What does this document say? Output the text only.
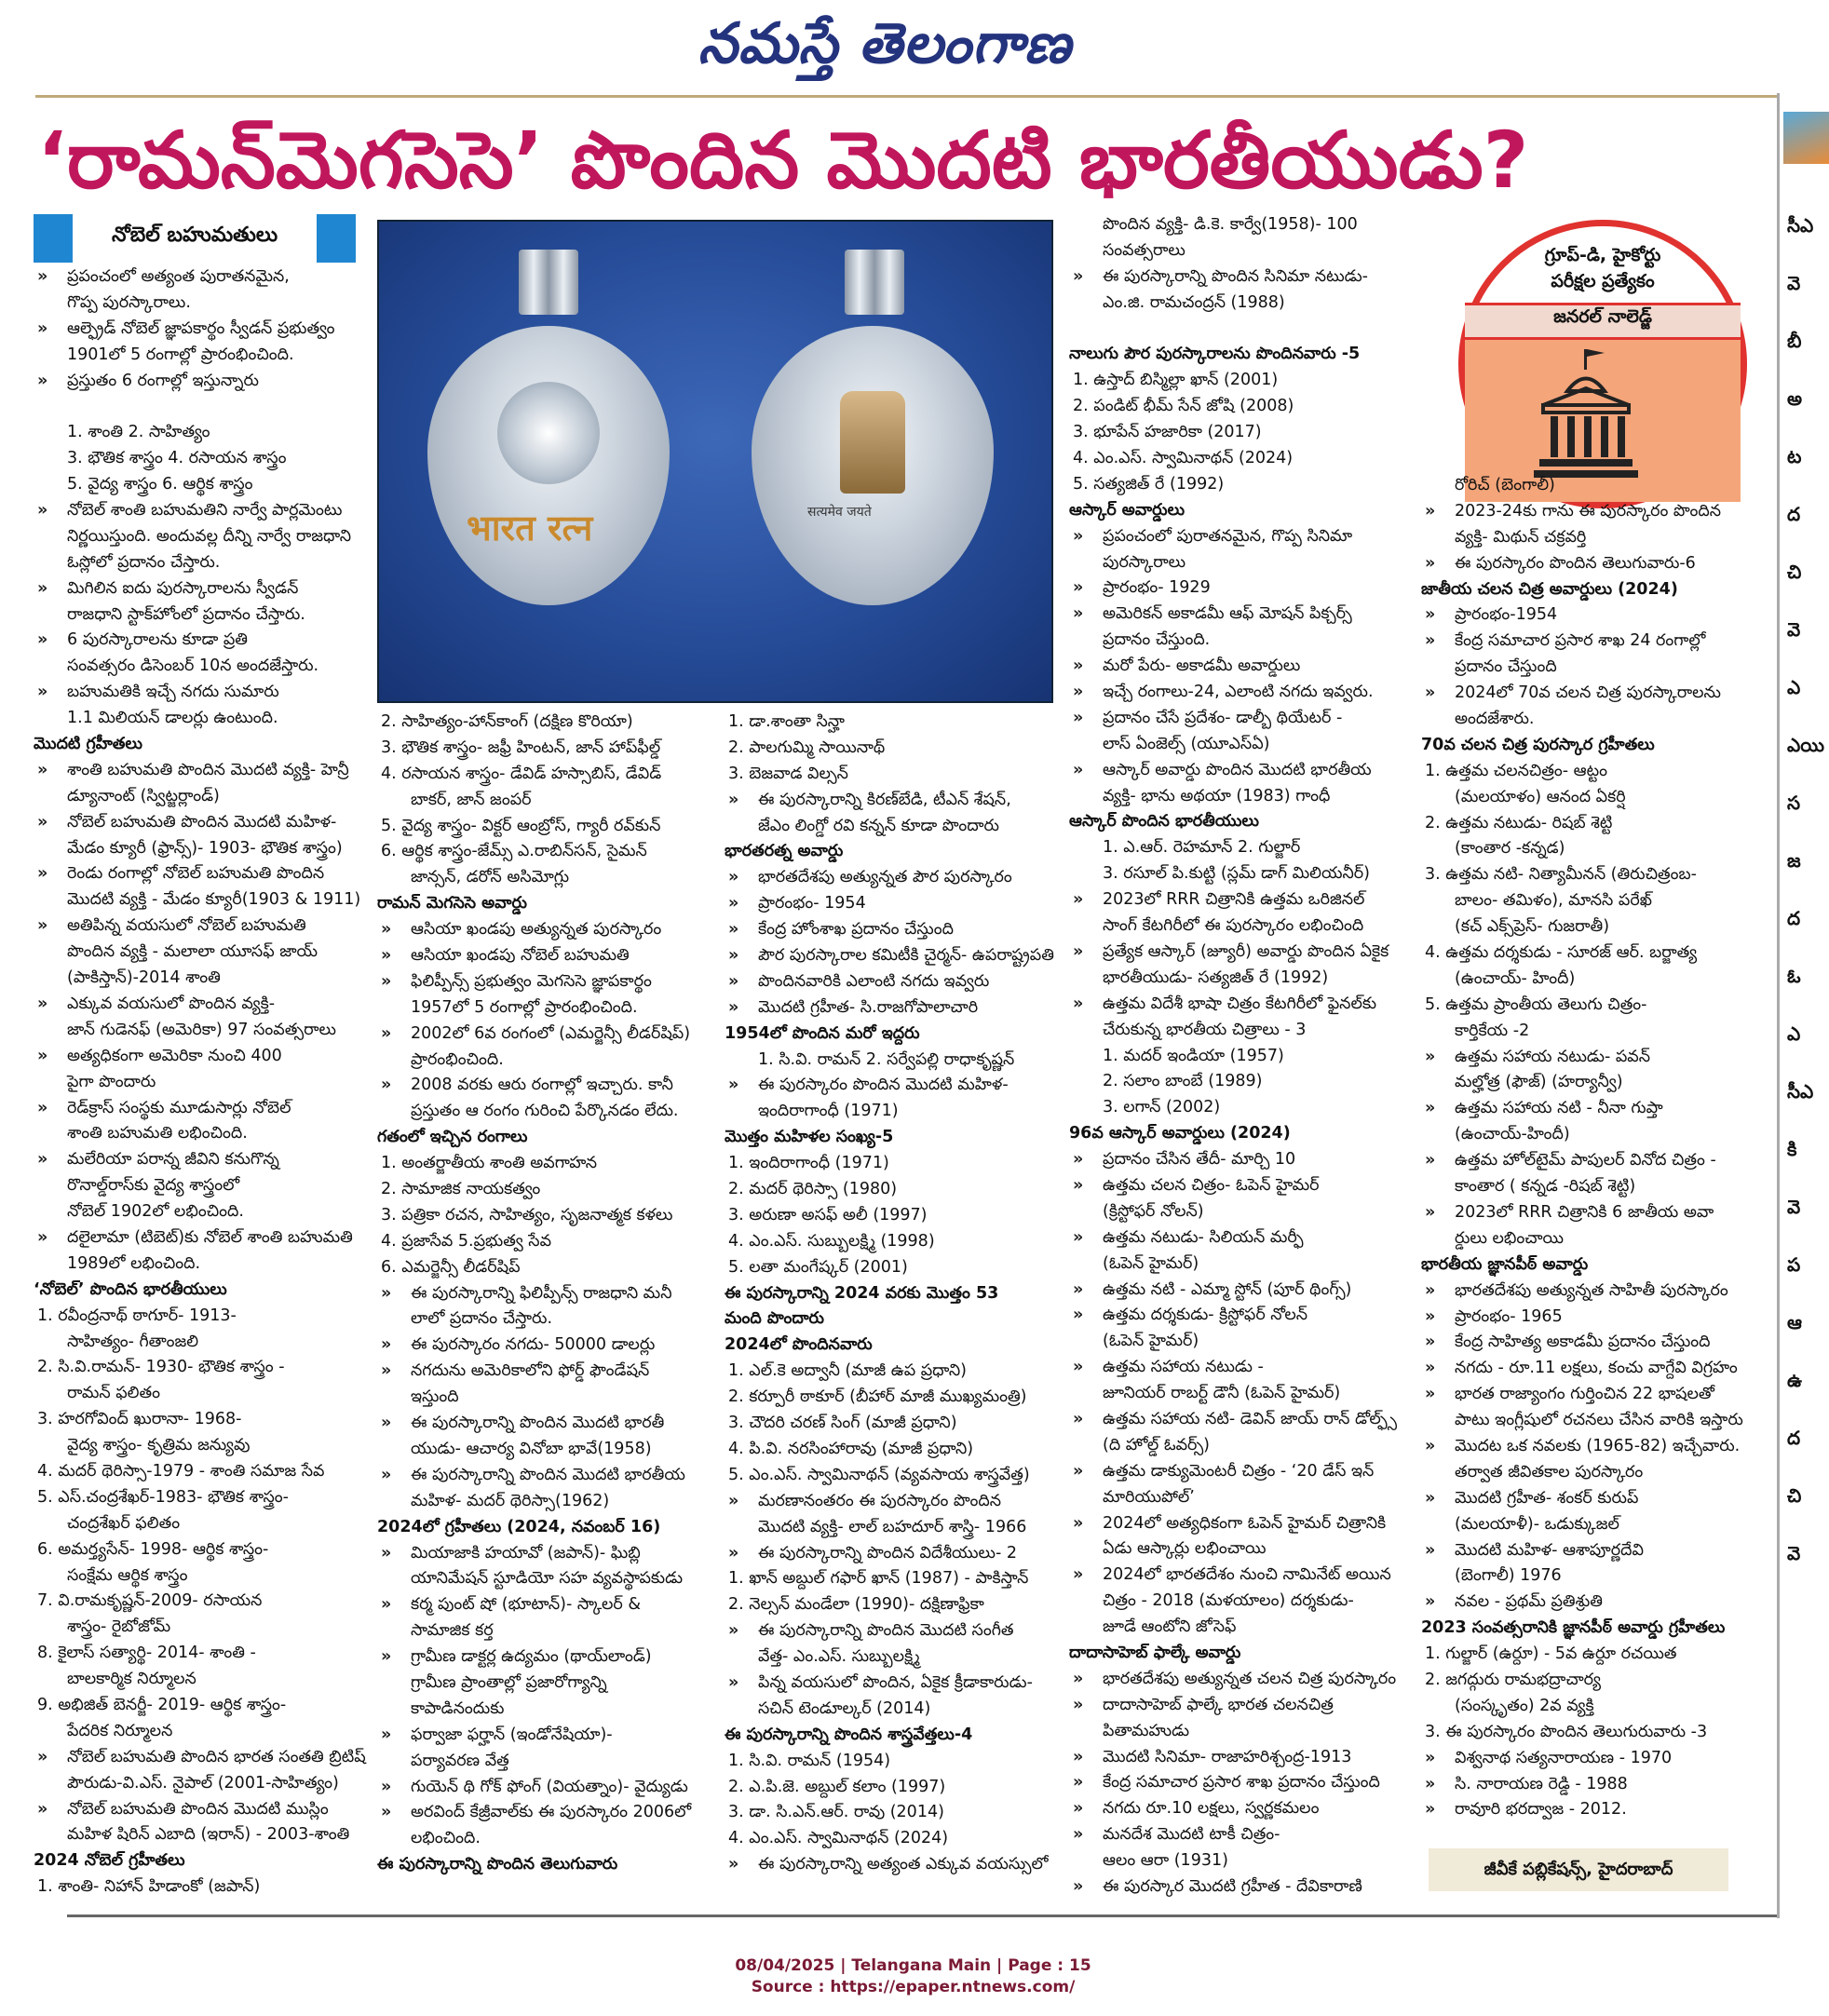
నమస్తే తెలంగాణ
‘రామన్‌మెగసెసె’ పొందిన మొదటి భారతీయుడు?
» ప్రపంచంలో అత్యంత పురాతనమైన,
గొప్ప పురస్కారాలు.
» ఆల్ఫ్రెడ్ నోబెల్ జ్ఞాపకార్థం స్వీడన్ ప్రభుత్వం
1901లో 5 రంగాల్లో ప్రారంభించింది.
» ప్రస్తుతం 6 రంగాల్లో ఇస్తున్నారు
1. శాంతి 2. సాహిత్యం
3. భౌతిక శాస్త్రం 4. రసాయన శాస్త్రం
5. వైద్య శాస్త్రం 6. ఆర్థిక శాస్త్రం
» నోబెల్ శాంతి బహుమతిని నార్వే పార్లమెంటు
నిర్ణయిస్తుంది. అందువల్ల దీన్ని నార్వే రాజధాని
ఓస్లోలో ప్రదానం చేస్తారు.
» మిగిలిన ఐదు పురస్కారాలను స్వీడన్
రాజధాని స్టాక్‌హోంలో ప్రదానం చేస్తారు.
» 6 పురస్కారాలను కూడా ప్రతి
సంవత్సరం డిసెంబర్ 10న అందజేస్తారు.
» బహుమతికి ఇచ్చే నగదు సుమారు
1.1 మిలియన్ డాలర్లు ఉంటుంది.
మొదటి గ్రహీతలు
» శాంతి బహుమతి పొందిన మొదటి వ్యక్తి- హెన్రీ
డ్యూనాంట్ (స్విట్జర్లాండ్)
» నోబెల్ బహుమతి పొందిన మొదటి మహిళ-
మేడం క్యూరీ (ఫ్రాన్స్)- 1903- భౌతిక శాస్త్రం)
» రెండు రంగాల్లో నోబెల్ బహుమతి పొందిన
మొదటి వ్యక్తి - మేడం క్యూరీ(1903 & 1911)
» అతిపిన్న వయసులో నోబెల్ బహుమతి
పొందిన వ్యక్తి - మలాలా యూసఫ్ జాయ్
(పాకిస్తాన్)-2014 శాంతి
» ఎక్కువ వయసులో పొందిన వ్యక్తి-
జాన్ గుడెనఫ్ (అమెరికా) 97 సంవత్సరాలు
» అత్యధికంగా అమెరికా నుంచి 400
పైగా పొందారు
» రెడ్‌క్రాస్ సంస్థకు మూడుసార్లు నోబెల్
శాంతి బహుమతి లభించింది.
» మలేరియా పరాన్న జీవిని కనుగొన్న
రొనాల్డ్‌రాస్‌కు వైద్య శాస్త్రంలో
నోబెల్ 1902లో లభించింది.
» దలైలామా (టిబెట్)కు నోబెల్ శాంతి బహుమతి
1989లో లభించింది.
‘నోబెల్’ పొందిన భారతీయులు
1. రవీంద్రనాథ్ ఠాగూర్- 1913-
సాహిత్యం- గీతాంజలి
2. సి.వి.రామన్- 1930- భౌతిక శాస్త్రం -
రామన్ ఫలితం
3. హరగోవింద్ ఖురానా- 1968-
వైద్య శాస్త్రం- కృత్రిమ జన్యువు
4. మదర్ థెరిస్సా-1979 - శాంతి సమాజ సేవ
5. ఎస్.చంద్రశేఖర్-1983- భౌతిక శాస్త్రం-
చంద్రశేఖర్ ఫలితం
6. అమర్త్యసేన్- 1998- ఆర్థిక శాస్త్రం-
సంక్షేమ ఆర్థిక శాస్త్రం
7. వి.రామకృష్ణన్-2009- రసాయన
శాస్త్రం- రైబోజోమ్
8. కైలాస్ సత్యార్థి- 2014- శాంతి -
బాలకార్మిక నిర్మూలన
9. అభిజిత్ బెనర్జీ- 2019- ఆర్థిక శాస్త్రం-
పేదరిక నిర్మూలన
» నోబెల్ బహుమతి పొందిన భారత సంతతి బ్రిటిష్
పౌరుడు-వి.ఎస్. నైపాల్ (2001-సాహిత్యం)
» నోబెల్ బహుమతి పొందిన మొదటి ముస్లిం
మహిళ షిరిన్ ఎబాది (ఇరాన్) - 2003-శాంతి
2024 నోబెల్ గ్రహీతలు
1. శాంతి- నిహాన్ హిడాంకో (జపాన్)
నోబెల్ బహుమతులు
भारत रत्न	सत्यमेव जयते
2. సాహిత్యం-హాన్‌కాంగ్ (దక్షిణ కొరియా)
3. భౌతిక శాస్త్రం- జఫ్రీ హింటన్, జాన్ హాప్‌ఫీల్డ్
4. రసాయన శాస్త్రం- డేవిడ్ హస్సాబిస్, డేవిడ్
బాకర్, జాన్ జంపర్
5. వైద్య శాస్త్రం- విక్టర్ ఆంబ్రోస్, గ్యారీ రవ్‌కున్
6. ఆర్థిక శాస్త్రం-జేమ్స్ ఎ.రాబిన్‌సన్, సైమన్
జాన్సన్, డరోన్ అసిమోగ్లు
రామన్ మెగసెసె అవార్డు
» ఆసియా ఖండపు అత్యున్నత పురస్కారం
» ఆసియా ఖండపు నోబెల్ బహుమతి
» ఫిలిప్పీన్స్ ప్రభుత్వం మెగసెసె జ్ఞాపకార్థం
1957లో 5 రంగాల్లో ప్రారంభించింది.
» 2002లో 6వ రంగంలో (ఎమర్జెన్సీ లీడర్‌షిప్)
ప్రారంభించింది.
» 2008 వరకు ఆరు రంగాల్లో ఇచ్చారు. కానీ
ప్రస్తుతం ఆ రంగం గురించి పేర్కొనడం లేదు.
గతంలో ఇచ్చిన రంగాలు
1. అంతర్జాతీయ శాంతి అవగాహన
2. సామాజిక నాయకత్వం
3. పత్రికా రచన, సాహిత్యం, సృజనాత్మక కళలు
4. ప్రజాసేవ 5.ప్రభుత్వ సేవ
6. ఎమర్జెన్సీ లీడర్‌షిప్
» ఈ పురస్కారాన్ని ఫిలిప్పీన్స్ రాజధాని మనీ
లాలో ప్రదానం చేస్తారు.
» ఈ పురస్కారం నగదు- 50000 డాలర్లు
» నగదును అమెరికాలోని ఫోర్డ్ ఫౌండేషన్
ఇస్తుంది
» ఈ పురస్కారాన్ని పొందిన మొదటి భారతీ
యుడు- ఆచార్య వినోబా భావే(1958)
» ఈ పురస్కారాన్ని పొందిన మొదటి భారతీయ
మహిళ- మదర్ థెరిస్సా(1962)
2024లో గ్రహీతలు (2024, నవంబర్ 16)
» మియాజాకి హయావో (జపాన్)- ఘిబ్లి
యానిమేషన్ స్టూడియో సహ వ్యవస్థాపకుడు
» కర్మ పుంట్ షో (భూటాన్)- స్కాలర్ &
సామాజిక కర్త
» గ్రామీణ డాక్టర్ల ఉద్యమం (థాయ్‌లాండ్)
గ్రామీణ ప్రాంతాల్లో ప్రజారోగ్యాన్ని
కాపాడినందుకు
» ఫర్వాజా ఫర్హాన్ (ఇండోనేషియా)-
పర్యావరణ వేత్త
» గుయెన్ థి గోక్ ఫోంగ్ (వియత్నాం)- వైద్యుడు
» అరవింద్ కేజ్రీవాల్‌కు ఈ పురస్కారం 2006లో
లభించింది.
ఈ పురస్కారాన్ని పొందిన తెలుగువారు
1. డా.శాంతా సిన్హా
2. పాలగుమ్మి సాయినాథ్
3. బెజవాడ విల్సన్
» ఈ పురస్కారాన్ని కిరణ్‌బేడి, టీఎన్ శేషన్,
జేఎం లింగ్డో రవి కన్నన్ కూడా పొందారు
భారతరత్న అవార్డు
» భారతదేశపు అత్యున్నత పౌర పురస్కారం
» ప్రారంభం- 1954
» కేంద్ర హోంశాఖ ప్రదానం చేస్తుంది
» పౌర పురస్కారాల కమిటీకి చైర్మన్- ఉపరాష్ట్రపతి
» పొందినవారికి ఎలాంటి నగదు ఇవ్వరు
» మొదటి గ్రహీత- సి.రాజగోపాలాచారి
1954లో పొందిన మరో ఇద్దరు
1. సి.వి. రామన్ 2. సర్వేపల్లి రాధాకృష్ణన్
» ఈ పురస్కారం పొందిన మొదటి మహిళ-
ఇందిరాగాంధీ (1971)
మొత్తం మహిళల సంఖ్య-5
1. ఇందిరాగాంధీ (1971)
2. మదర్ థెరిస్సా (1980)
3. అరుణా అసఫ్ అలీ (1997)
4. ఎం.ఎస్. సుబ్బులక్ష్మి (1998)
5. లతా మంగేష్కర్ (2001)
ఈ పురస్కారాన్ని 2024 వరకు మొత్తం 53
మంది పొందారు
2024లో పొందినవారు
1. ఎల్‌.కె అద్వానీ (మాజీ ఉప ప్రధాని)
2. కర్పూరీ ఠాకూర్ (బీహార్ మాజీ ముఖ్యమంత్రి)
3. చౌదరి చరణ్ సింగ్ (మాజీ ప్రధాని)
4. పి.వి. నరసింహారావు (మాజీ ప్రధాని)
5. ఎం.ఎస్. స్వామినాథన్ (వ్యవసాయ శాస్త్రవేత్త)
» మరణానంతరం ఈ పురస్కారం పొందిన
మొదటి వ్యక్తి- లాల్ బహదూర్ శాస్త్రి- 1966
» ఈ పురస్కారాన్ని పొందిన విదేశీయులు- 2
1. ఖాన్ అబ్దుల్ గఫార్ ఖాన్ (1987) - పాకిస్తాన్
2. నెల్సన్ మండేలా (1990)- దక్షిణాఫ్రికా
» ఈ పురస్కారాన్ని పొందిన మొదటి సంగీత
వేత్త- ఎం.ఎస్. సుబ్బులక్ష్మి
» పిన్న వయసులో పొందిన, ఏకైక క్రీడాకారుడు-
సచిన్ టెండూల్కర్ (2014)
ఈ పురస్కారాన్ని పొందిన శాస్త్రవేత్తలు-4
1. సి.వి. రామన్ (1954)
2. ఎ.పి.జె. అబ్దుల్ కలాం (1997)
3. డా. సి.ఎన్.ఆర్. రావు (2014)
4. ఎం.ఎస్. స్వామినాథన్ (2024)
» ఈ పురస్కారాన్ని అత్యంత ఎక్కువ వయస్సులో
పొందిన వ్యక్తి- డి.కె. కార్వే(1958)- 100
సంవత్సరాలు
» ఈ పురస్కారాన్ని పొందిన సినిమా నటుడు-
ఎం.జి. రామచంద్రన్ (1988)
నాలుగు పౌర పురస్కారాలను పొందినవారు -5
1. ఉస్తాద్ బిస్మిల్లా ఖాన్ (2001)
2. పండిట్ భీమ్ సేన్ జోషి (2008)
3. భూపేన్ హజారికా (2017)
4. ఎం.ఎస్. స్వామినాథన్ (2024)
5. సత్యజిత్ రే (1992)
ఆస్కార్ అవార్డులు
» ప్రపంచంలో పురాతనమైన, గొప్ప సినిమా
పురస్కారాలు
» ప్రారంభం- 1929
» అమెరికన్ అకాడమీ ఆఫ్ మోషన్ పిక్చర్స్
ప్రదానం చేస్తుంది.
» మరో పేరు- అకాడమీ అవార్డులు
» ఇచ్చే రంగాలు-24, ఎలాంటి నగదు ఇవ్వరు.
» ప్రదానం చేసే ప్రదేశం- డాల్బీ థియేటర్ -
లాస్ ఏంజెల్స్ (యూఎస్ఏ)
» ఆస్కార్ అవార్డు పొందిన మొదటి భారతీయ
వ్యక్తి- భాను అథయా (1983) గాంధీ
ఆస్కార్ పొందిన భారతీయులు
1. ఎ.ఆర్. రెహమాన్ 2. గుల్జార్
3. రసూల్ పి.కుట్టి (స్లమ్ డాగ్ మిలియనీర్)
» 2023లో RRR చిత్రానికి ఉత్తమ ఒరిజినల్
సాంగ్ కేటగిరీలో ఈ పురస్కారం లభించింది
» ప్రత్యేక ఆస్కార్ (జ్యూరీ) అవార్డు పొందిన ఏకైక
భారతీయుడు- సత్యజిత్ రే (1992)
» ఉత్తమ విదేశీ భాషా చిత్రం కేటగిరీలో ఫైనల్‌కు
చేరుకున్న భారతీయ చిత్రాలు - 3
1. మదర్ ఇండియా (1957)
2. సలాం బాంబే (1989)
3. లగాన్ (2002)
96వ ఆస్కార్ అవార్డులు (2024)
» ప్రదానం చేసిన తేదీ- మార్చి 10
» ఉత్తమ చలన చిత్రం- ఓపెన్ హైమర్
(క్రిస్టోఫర్ నోలన్)
» ఉత్తమ నటుడు- సిలియన్ మర్ఫీ
(ఓపెన్ హైమర్)
» ఉత్తమ నటి - ఎమ్మా స్టోన్ (పూర్ థింగ్స్)
» ఉత్తమ దర్శకుడు- క్రిస్టోఫర్ నోలన్
(ఓపెన్ హైమర్)
» ఉత్తమ సహాయ నటుడు -
జూనియర్ రాబర్ట్ డౌనీ (ఓపెన్ హైమర్)
» ఉత్తమ సహాయ నటి- డెవిన్ జాయ్ రాన్ డోల్ఫ్స్
(ది హోల్డ్ ఓవర్స్)
» ఉత్తమ డాక్యుమెంటరీ చిత్రం - ‘20 డేస్ ఇన్
మారియుపోల్’
» 2024లో అత్యధికంగా ఓపెన్ హైమర్ చిత్రానికి
ఏడు ఆస్కార్లు లభించాయి
» 2024లో భారతదేశం నుంచి నామినేట్ అయిన
చిత్రం - 2018 (మళయాలం) దర్శకుడు-
జూడే ఆంటోని జోసెఫ్
దాదాసాహెబ్ ఫాల్కే అవార్డు
» భారతదేశపు అత్యున్నత చలన చిత్ర పురస్కారం
» దాదాసాహెబ్ ఫాల్కే భారత చలనచిత్ర
పితామహుడు
» మొదటి సినిమా- రాజాహరిశ్చంద్ర-1913
» కేంద్ర సమాచార ప్రసార శాఖ ప్రదానం చేస్తుంది
» నగదు రూ.10 లక్షలు, స్వర్ణకమలం
» మనదేశ మొదటి టాకీ చిత్రం-
ఆలం ఆరా (1931)
» ఈ పురస్కార మొదటి గ్రహీత - దేవికారాణి
గ్రూప్-డి, హైకోర్టు
పరీక్షల ప్రత్యేకం
జనరల్ నాలెడ్జ్
రోరిచ్ (బెంగాలీ)
» 2023-24కు గాను ఈ పురస్కారం పొందిన
వ్యక్తి- మిథున్ చక్రవర్తి
» ఈ పురస్కారం పొందిన తెలుగువారు-6
జాతీయ చలన చిత్ర అవార్డులు (2024)
» ప్రారంభం-1954
» కేంద్ర సమాచార ప్రసార శాఖ 24 రంగాల్లో
ప్రదానం చేస్తుంది
» 2024లో 70వ చలన చిత్ర పురస్కారాలను
అందజేశారు.
70వ చలన చిత్ర పురస్కార గ్రహీతలు
1. ఉత్తమ చలనచిత్రం- ఆట్టం
(మలయాళం) ఆనంద ఏకర్షి
2. ఉత్తమ నటుడు- రిషబ్ శెట్టి
(కాంతార -కన్నడ)
3. ఉత్తమ నటి- నిత్యామీనన్ (తిరుచిత్రంబ-
బాలం- తమిళం), మానసి పరేఖ్
(కచ్ ఎక్స్‌ప్రెస్- గుజరాతీ)
4. ఉత్తమ దర్శకుడు - సూరజ్ ఆర్. బర్జాత్య
(ఉంచాయ్- హిందీ)
5. ఉత్తమ ప్రాంతీయ తెలుగు చిత్రం-
కార్తికేయ -2
» ఉత్తమ సహాయ నటుడు- పవన్
మల్హోత్ర (ఫౌజ్) (హర్యాన్వీ)
» ఉత్తమ సహాయ నటి - నీనా గుప్తా
(ఉంచాయ్-హిందీ)
» ఉత్తమ హోల్‌టైమ్ పాపులర్ వినోద చిత్రం -
కాంతార ( కన్నడ -రిషబ్ శెట్టి)
» 2023లో RRR చిత్రానికి 6 జాతీయ అవా
ర్డులు లభించాయి
భారతీయ జ్ఞానపీఠ్ అవార్డు
» భారతదేశపు అత్యున్నత సాహితీ పురస్కారం
» ప్రారంభం- 1965
» కేంద్ర సాహిత్య అకాడమీ ప్రదానం చేస్తుంది
» నగదు - రూ.11 లక్షలు, కంచు వాగ్దేవి విగ్రహం
» భారత రాజ్యాంగం గుర్తించిన 22 భాషలతో
పాటు ఇంగ్లీషులో రచనలు చేసిన వారికి ఇస్తారు
» మొదట ఒక నవలకు (1965-82) ఇచ్చేవారు.
తర్వాత జీవితకాల పురస్కారం
» మొదటి గ్రహీత- శంకర్ కురుప్
(మలయాళీ)- ఒడుక్కుజల్
» మొదటి మహిళ- ఆశాపూర్ణదేవి
(బెంగాలీ) 1976
» నవల - ప్రథమ్ ప్రతిశ్రుతి
2023 సంవత్సరానికి జ్ఞానపీఠ్ అవార్డు గ్రహీతలు
1. గుల్జార్ (ఉర్దూ) - 5వ ఉర్దూ రచయిత
2. జగద్గురు రామభద్రాచార్య
(సంస్కృతం) 2వ వ్యక్తి
3. ఈ పురస్కారం పొందిన తెలుగురువారు -3
» విశ్వనాథ సత్యనారాయణ - 1970
» సి. నారాయణ రెడ్డి - 1988
» రావూరి భరద్వాజ - 2012.
జీవీకే పబ్లికేషన్స్, హైదరాబాద్
సీఎ
వె
బీ
అ
ట
ద
చి
వె
ఎ
ఎయి
స
జ
ద
ఓ
ఎ
సీఎ
కి
వె
ప
ఆ
ఉ
ద
చి
వె
08/04/2025 | Telangana Main | Page : 15
Source : https://epaper.ntnews.com/
